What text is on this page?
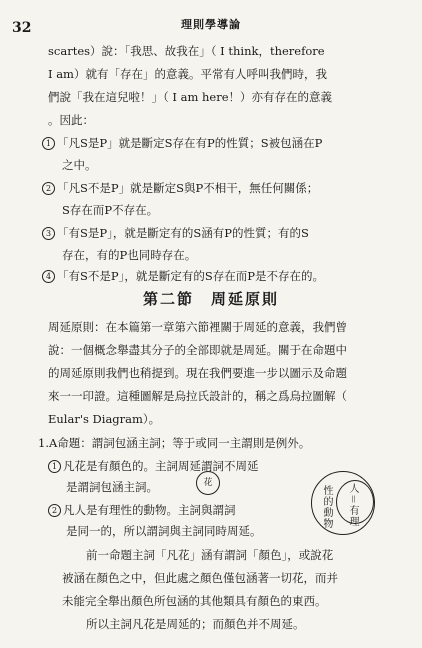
32	理則學導論
scartes）說：「我思、故我在」（ I think，therefore
I am）就有「存在」的意義。平常有人呼叫我們時，我
們說「我在這兒啦！」（ I am here！）亦有存在的意義
。因此：
1 「凡S是P」就是斷定S存在有P的性質；S被包涵在P
之中。
2 「凡S不是P」就是斷定S與P不相干，無任何關係；
S存在而P不存在。
3 「有S是P」，就是斷定有的S涵有P的性質；有的S
存在，有的P也同時存在。
4 「有S不是P」，就是斷定有的S存在而P是不存在的。
第二節　周延原則
周延原則：在本篇第一章第六節裡關于周延的意義，我們曾
說：一個概念舉盡其分子的全部即就是周延。關于在命題中
的周延原則我們也稍提到。現在我們要進一步以圖示及命題
來一一印證。這種圖解是烏拉氏設計的，稱之爲烏拉圖解（
Eular's Diagram）。
1.A命題：謂詞包涵主詞；等于或同一主謂則是例外。
1 凡花是有顏色的。主詞周延謂詞不周延
是謂詞包涵主詞。
2 凡人是有理性的動物。主詞與謂詞
是同一的，所以謂詞與主詞同時周延。
花
性的動物 人＝有理
前一命題主詞「凡花」涵有謂詞「顏色」，或說花
被涵在顏色之中，但此處之顏色僅包涵著一切花，而并
未能完全舉出顏色所包涵的其他類具有顏色的東西。
所以主詞凡花是周延的；而顏色并不周延。
